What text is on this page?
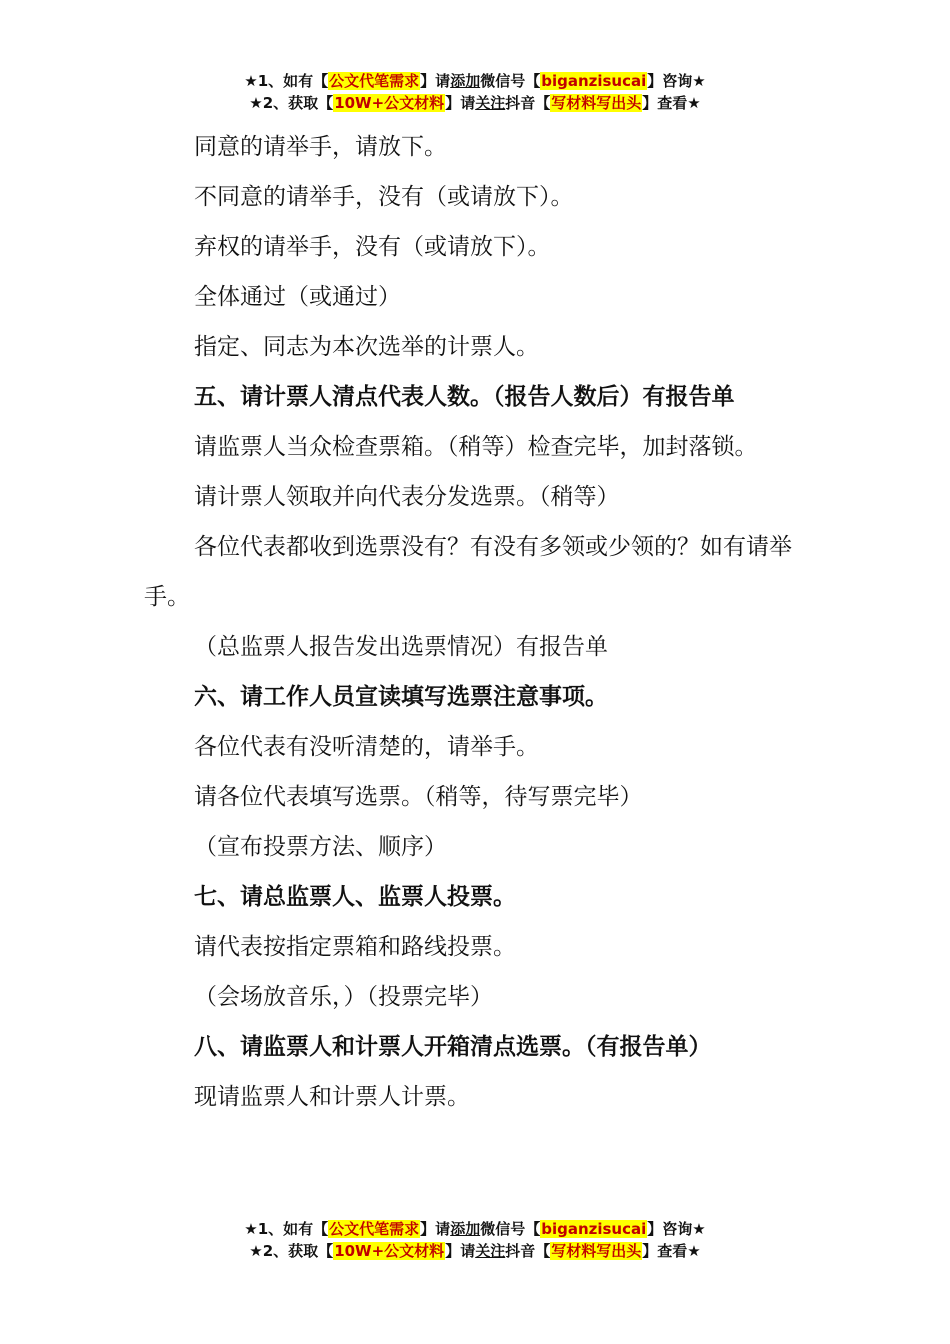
★1、如有【公文代笔需求】请添加微信号【biganzisucai】咨询★
★2、获取【10W+公文材料】请关注抖音【写材料写出头】查看★

同意的请举手，请放下。

不同意的请举手，没有（或请放下）。

弃权的请举手，没有（或请放下）。

全体通过（或通过）

指定、同志为本次选举的计票人。

五、请计票人清点代表人数。（报告人数后）有报告单

请监票人当众检查票箱。（稍等）检查完毕，加封落锁。

请计票人领取并向代表分发选票。（稍等）

各位代表都收到选票没有？有没有多领或少领的？如有请举手。

（总监票人报告发出选票情况）有报告单

六、请工作人员宣读填写选票注意事项。

各位代表有没听清楚的，请举手。

请各位代表填写选票。（稍等，待写票完毕）

（宣布投票方法、顺序）

七、请总监票人、监票人投票。

请代表按指定票箱和路线投票。

（会场放音乐，）（投票完毕）

八、请监票人和计票人开箱清点选票。（有报告单）

现请监票人和计票人计票。

★1、如有【公文代笔需求】请添加微信号【biganzisucai】咨询★
★2、获取【10W+公文材料】请关注抖音【写材料写出头】查看★
